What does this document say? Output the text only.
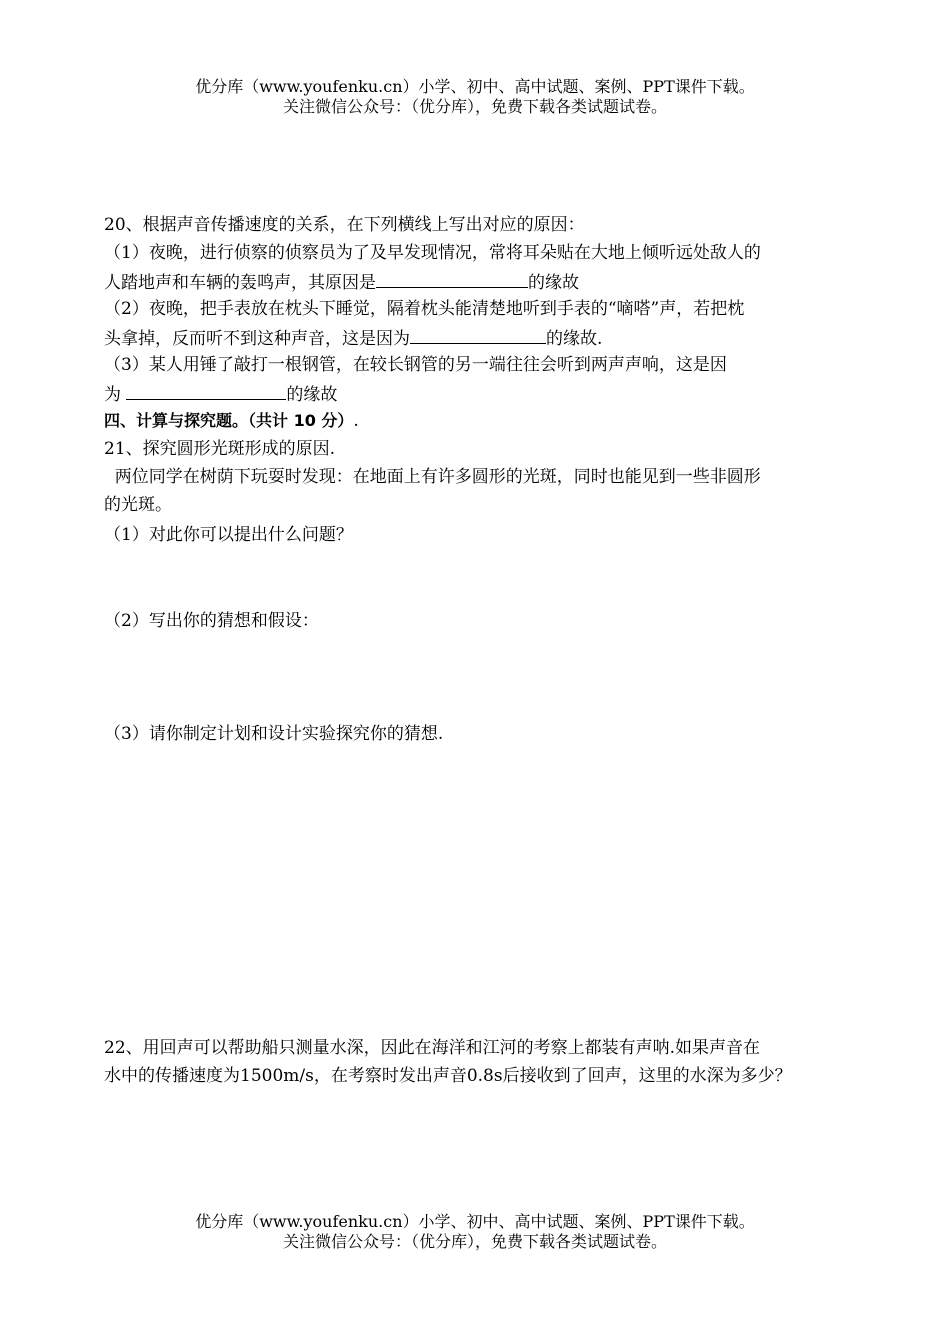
优分库（www.youfenku.cn）小学、初中、高中试题、案例、PPT课件下载。
关注微信公众号：（优分库），免费下载各类试题试卷。
20、根据声音传播速度的关系，在下列横线上写出对应的原因：
（1）夜晚，进行侦察的侦察员为了及早发现情况，常将耳朵贴在大地上倾听远处敌人的
人踏地声和车辆的轰鸣声，其原因是	的缘故
（2）夜晚，把手表放在枕头下睡觉，隔着枕头能清楚地听到手表的“嘀嗒”声，若把枕
头拿掉，反而听不到这种声音，这是因为	的缘故.
（3）某人用锤了敲打一根钢管，在较长钢管的另一端往往会听到两声声响，这是因
为	的缘故
四、计算与探究题。（共计 10 分）.
21、探究圆形光斑形成的原因.
两位同学在树荫下玩耍时发现：在地面上有许多圆形的光斑，同时也能见到一些非圆形
的光斑。
（1）对此你可以提出什么问题？
（2）写出你的猜想和假设：
（3）请你制定计划和设计实验探究你的猜想.
22、用回声可以帮助船只测量水深，因此在海洋和江河的考察上都装有声呐.如果声音在
水中的传播速度为1500m/s，在考察时发出声音0.8s后接收到了回声，这里的水深为多少？
优分库（www.youfenku.cn）小学、初中、高中试题、案例、PPT课件下载。
关注微信公众号：（优分库），免费下载各类试题试卷。
